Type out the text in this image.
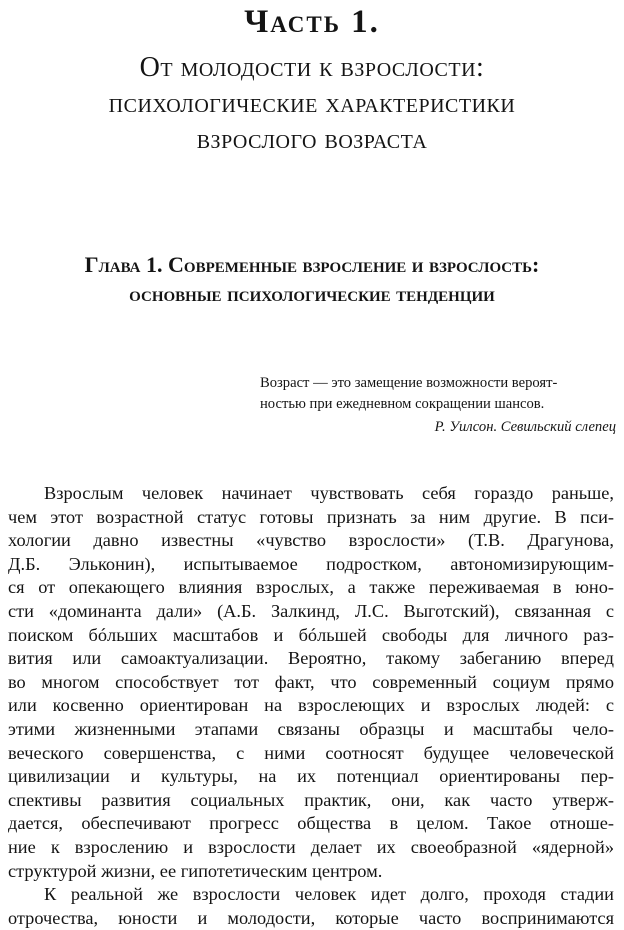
Часть 1.
От молодости к взрослости:
психологические характеристики
взрослого возраста
Глава 1. Современные взросление и взрослость:
основные психологические тенденции
Возраст — это замещение возможности вероят-
ностью при ежедневном сокращении шансов.
Р. Уилсон. Севильский слепец
Взрослым человек начинает чувствовать себя гораздо раньше,
чем этот возрастной статус готовы признать за ним другие. В пси-
хологии давно известны «чувство взрослости» (Т.В. Драгунова,
Д.Б. Эльконин), испытываемое подростком, автономизирующим-
ся от опекающего влияния взрослых, а также переживаемая в юно-
сти «доминанта дали» (А.Б. Залкинд, Л.С. Выготский), связанная с
поиском бóльших масштабов и бóльшей свободы для личного раз-
вития или самоактуализации. Вероятно, такому забеганию вперед
во многом способствует тот факт, что современный социум прямо
или косвенно ориентирован на взрослеющих и взрослых людей: с
этими жизненными этапами связаны образцы и масштабы чело-
веческого совершенства, с ними соотносят будущее человеческой
цивилизации и культуры, на их потенциал ориентированы пер-
спективы развития социальных практик, они, как часто утверж-
дается, обеспечивают прогресс общества в целом. Такое отноше-
ние к взрослению и взрослости делает их своеобразной «ядерной»
структурой жизни, ее гипотетическим центром.
К реальной же взрослости человек идет долго, проходя стадии
отрочества, юности и молодости, которые часто воспринимаются
